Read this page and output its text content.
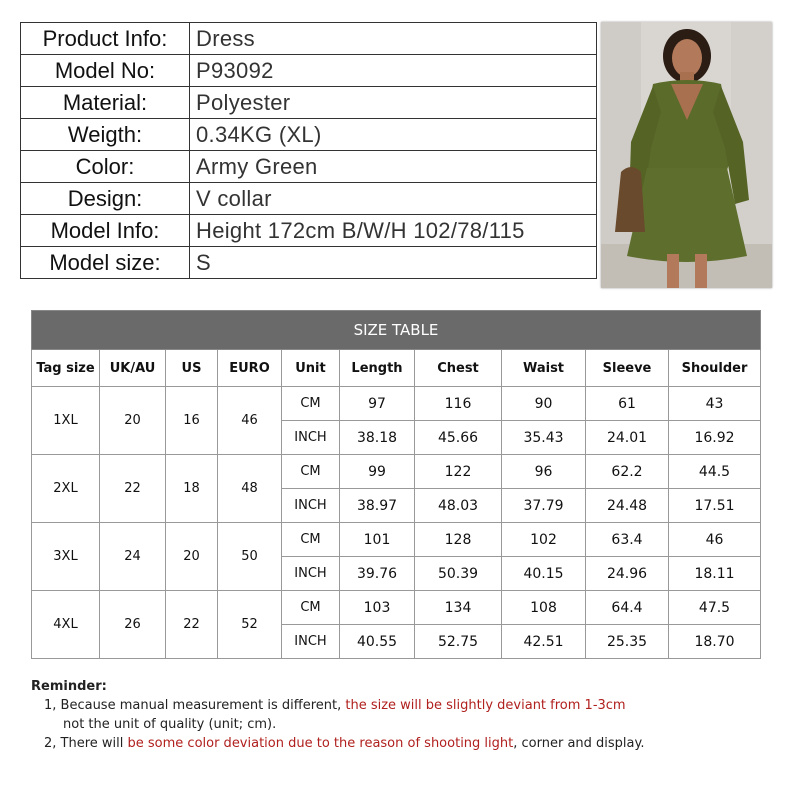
Product Info:	Dress
Model No:	P93092
Material:	Polyester
Weigth:	0.34KG (XL)
Color:	Army Green
Design:	V collar
Model Info:	Height 172cm B/W/H 102/78/115
Model size:	S
SIZE TABLE									
Tag size	UK/AU	US	EURO	Unit	Length	Chest	Waist	Sleeve	Shoulder
1XL	20	16	46	CM	97	116	90	61	43
				INCH	38.18	45.66	35.43	24.01	16.92
2XL	22	18	48	CM	99	122	96	62.2	44.5
				INCH	38.97	48.03	37.79	24.48	17.51
3XL	24	20	50	CM	101	128	102	63.4	46
				INCH	39.76	50.39	40.15	24.96	18.11
4XL	26	22	52	CM	103	134	108	64.4	47.5
				INCH	40.55	52.75	42.51	25.35	18.70
Reminder:
1, Because manual measurement is different, the size will be slightly deviant from 1-3cm
not the unit of quality (unit; cm).
2, There will be some color deviation due to the reason of shooting light, corner and display.
